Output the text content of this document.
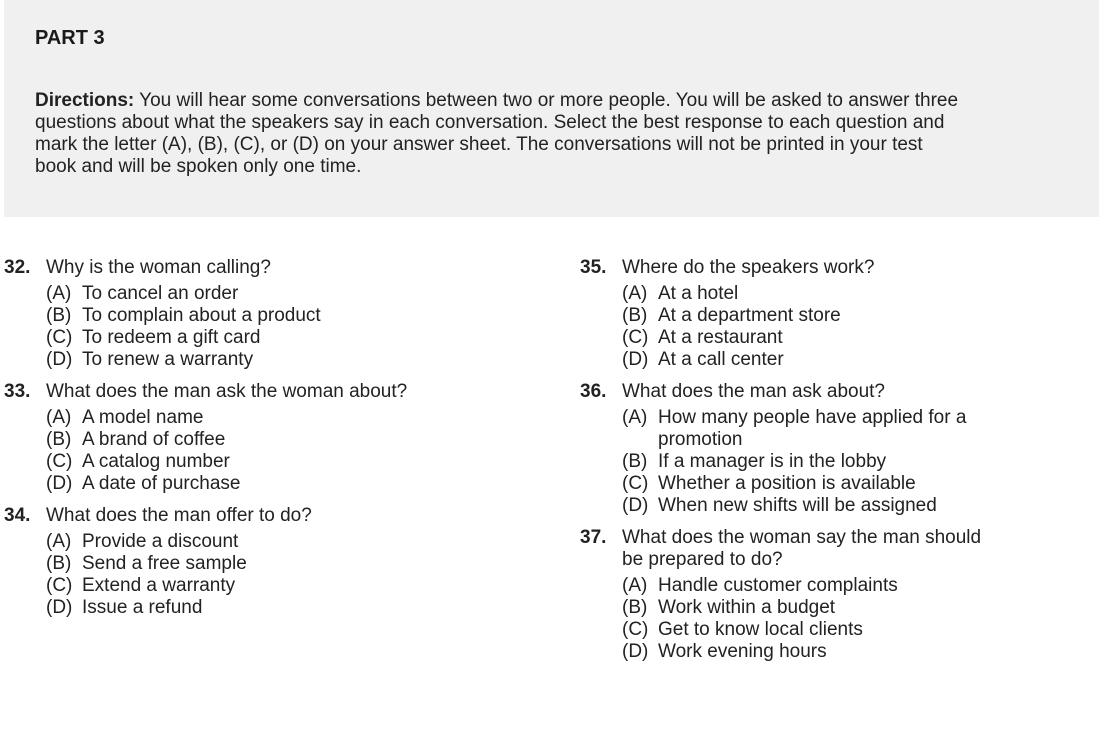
PART 3
Directions: You will hear some conversations between two or more people. You will be asked to answer three questions about what the speakers say in each conversation. Select the best response to each question and mark the letter (A), (B), (C), or (D) on your answer sheet. The conversations will not be printed in your test book and will be spoken only one time.
32. Why is the woman calling?
(A) To cancel an order
(B) To complain about a product
(C) To redeem a gift card
(D) To renew a warranty
33. What does the man ask the woman about?
(A) A model name
(B) A brand of coffee
(C) A catalog number
(D) A date of purchase
34. What does the man offer to do?
(A) Provide a discount
(B) Send a free sample
(C) Extend a warranty
(D) Issue a refund
35. Where do the speakers work?
(A) At a hotel
(B) At a department store
(C) At a restaurant
(D) At a call center
36. What does the man ask about?
(A) How many people have applied for a promotion
(B) If a manager is in the lobby
(C) Whether a position is available
(D) When new shifts will be assigned
37. What does the woman say the man should be prepared to do?
(A) Handle customer complaints
(B) Work within a budget
(C) Get to know local clients
(D) Work evening hours
